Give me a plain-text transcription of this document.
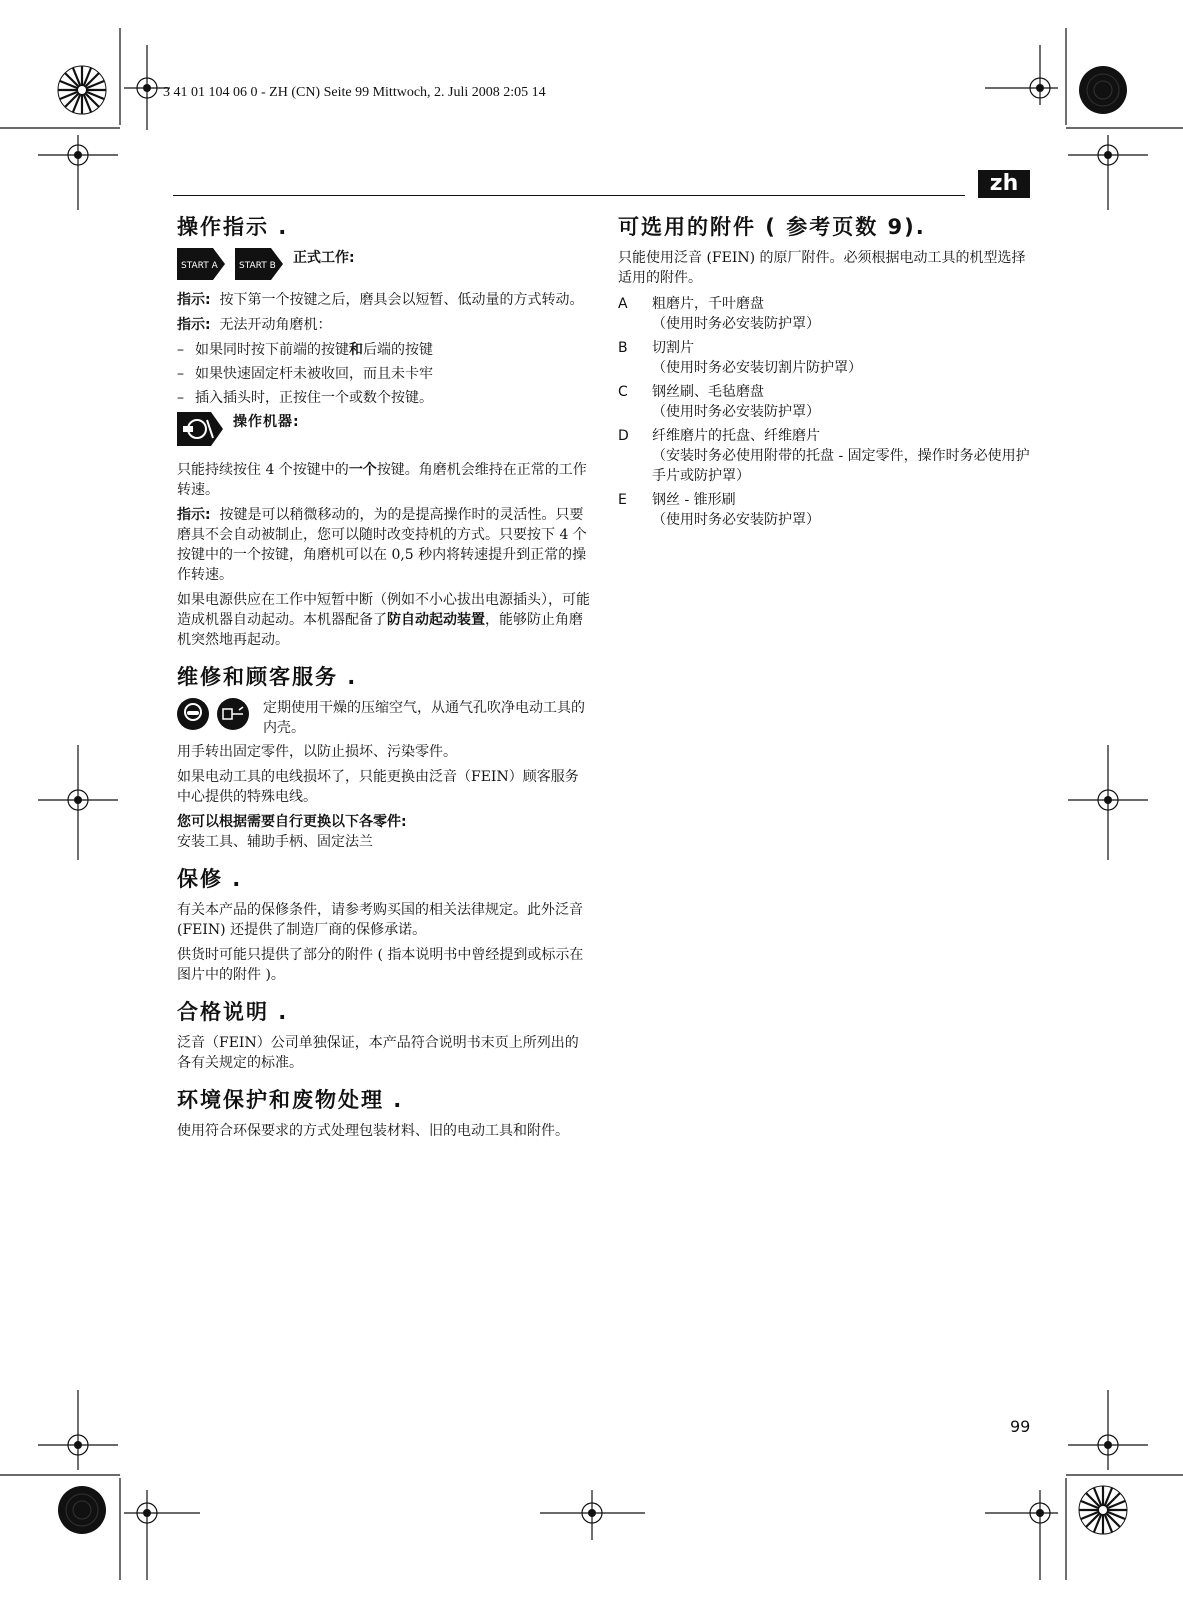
3 41 01 104 06 0 - ZH (CN) Seite 99 Mittwoch, 2. Juli 2008 2:05 14
zh
操作指示 .
START A START B 正式工作:

指示: 按下第一个按键之后，磨具会以短暂、低动量的方式转动。

指示: 无法开动角磨机：

– 如果同时按下前端的按键和后端的按键
– 如果快速固定杆未被收回，而且未卡牢
– 插入插头时，正按住一个或数个按键。
操作机器:

只能持续按住 4 个按键中的一个按键。角磨机会维持在正常的工作转速。

指示: 按键是可以稍微移动的，为的是提高操作时的灵活性。只要磨具不会自动被制止，您可以随时改变持机的方式。只要按下 4 个按键中的一个按键，角磨机可以在 0,5 秒内将转速提升到正常的操作转速。

如果电源供应在工作中短暂中断（例如不小心拔出电源插头），可能造成机器自动起动。本机器配备了防自动起动装置，能够防止角磨机突然地再起动。

维修和顾客服务 .

定期使用干燥的压缩空气，从通气孔吹净电动工具的内壳。

用手转出固定零件，以防止损坏、污染零件。

如果电动工具的电线损坏了，只能更换由泛音（FEIN）顾客服务中心提供的特殊电线。

您可以根据需要自行更换以下各零件:

安装工具、辅助手柄、固定法兰

保修 .

有关本产品的保修条件，请参考购买国的相关法律规定。此外泛音 (FEIN) 还提供了制造厂商的保修承诺。

供货时可能只提供了部分的附件 ( 指本说明书中曾经提到或标示在图片中的附件 )。

合格说明 .

泛音（FEIN）公司单独保证，本产品符合说明书末页上所列出的各有关规定的标准。

环境保护和废物处理 .

使用符合环保要求的方式处理包装材料、旧的电动工具和附件。

可选用的附件 ( 参考页数 9).

只能使用泛音 (FEIN) 的原厂附件。必须根据电动工具的机型选择适用的附件。

A	粗磨片，千叶磨盘
（使用时务必安装防护罩）
B	切割片
（使用时务必安装切割片防护罩）
C	钢丝刷、毛毡磨盘
（使用时务必安装防护罩）
D	纤维磨片的托盘、纤维磨片
（安装时务必使用附带的托盘 - 固定零件，操作时务必使用护手片或防护罩）
E	钢丝 - 锥形刷
（使用时务必安装防护罩）
99
